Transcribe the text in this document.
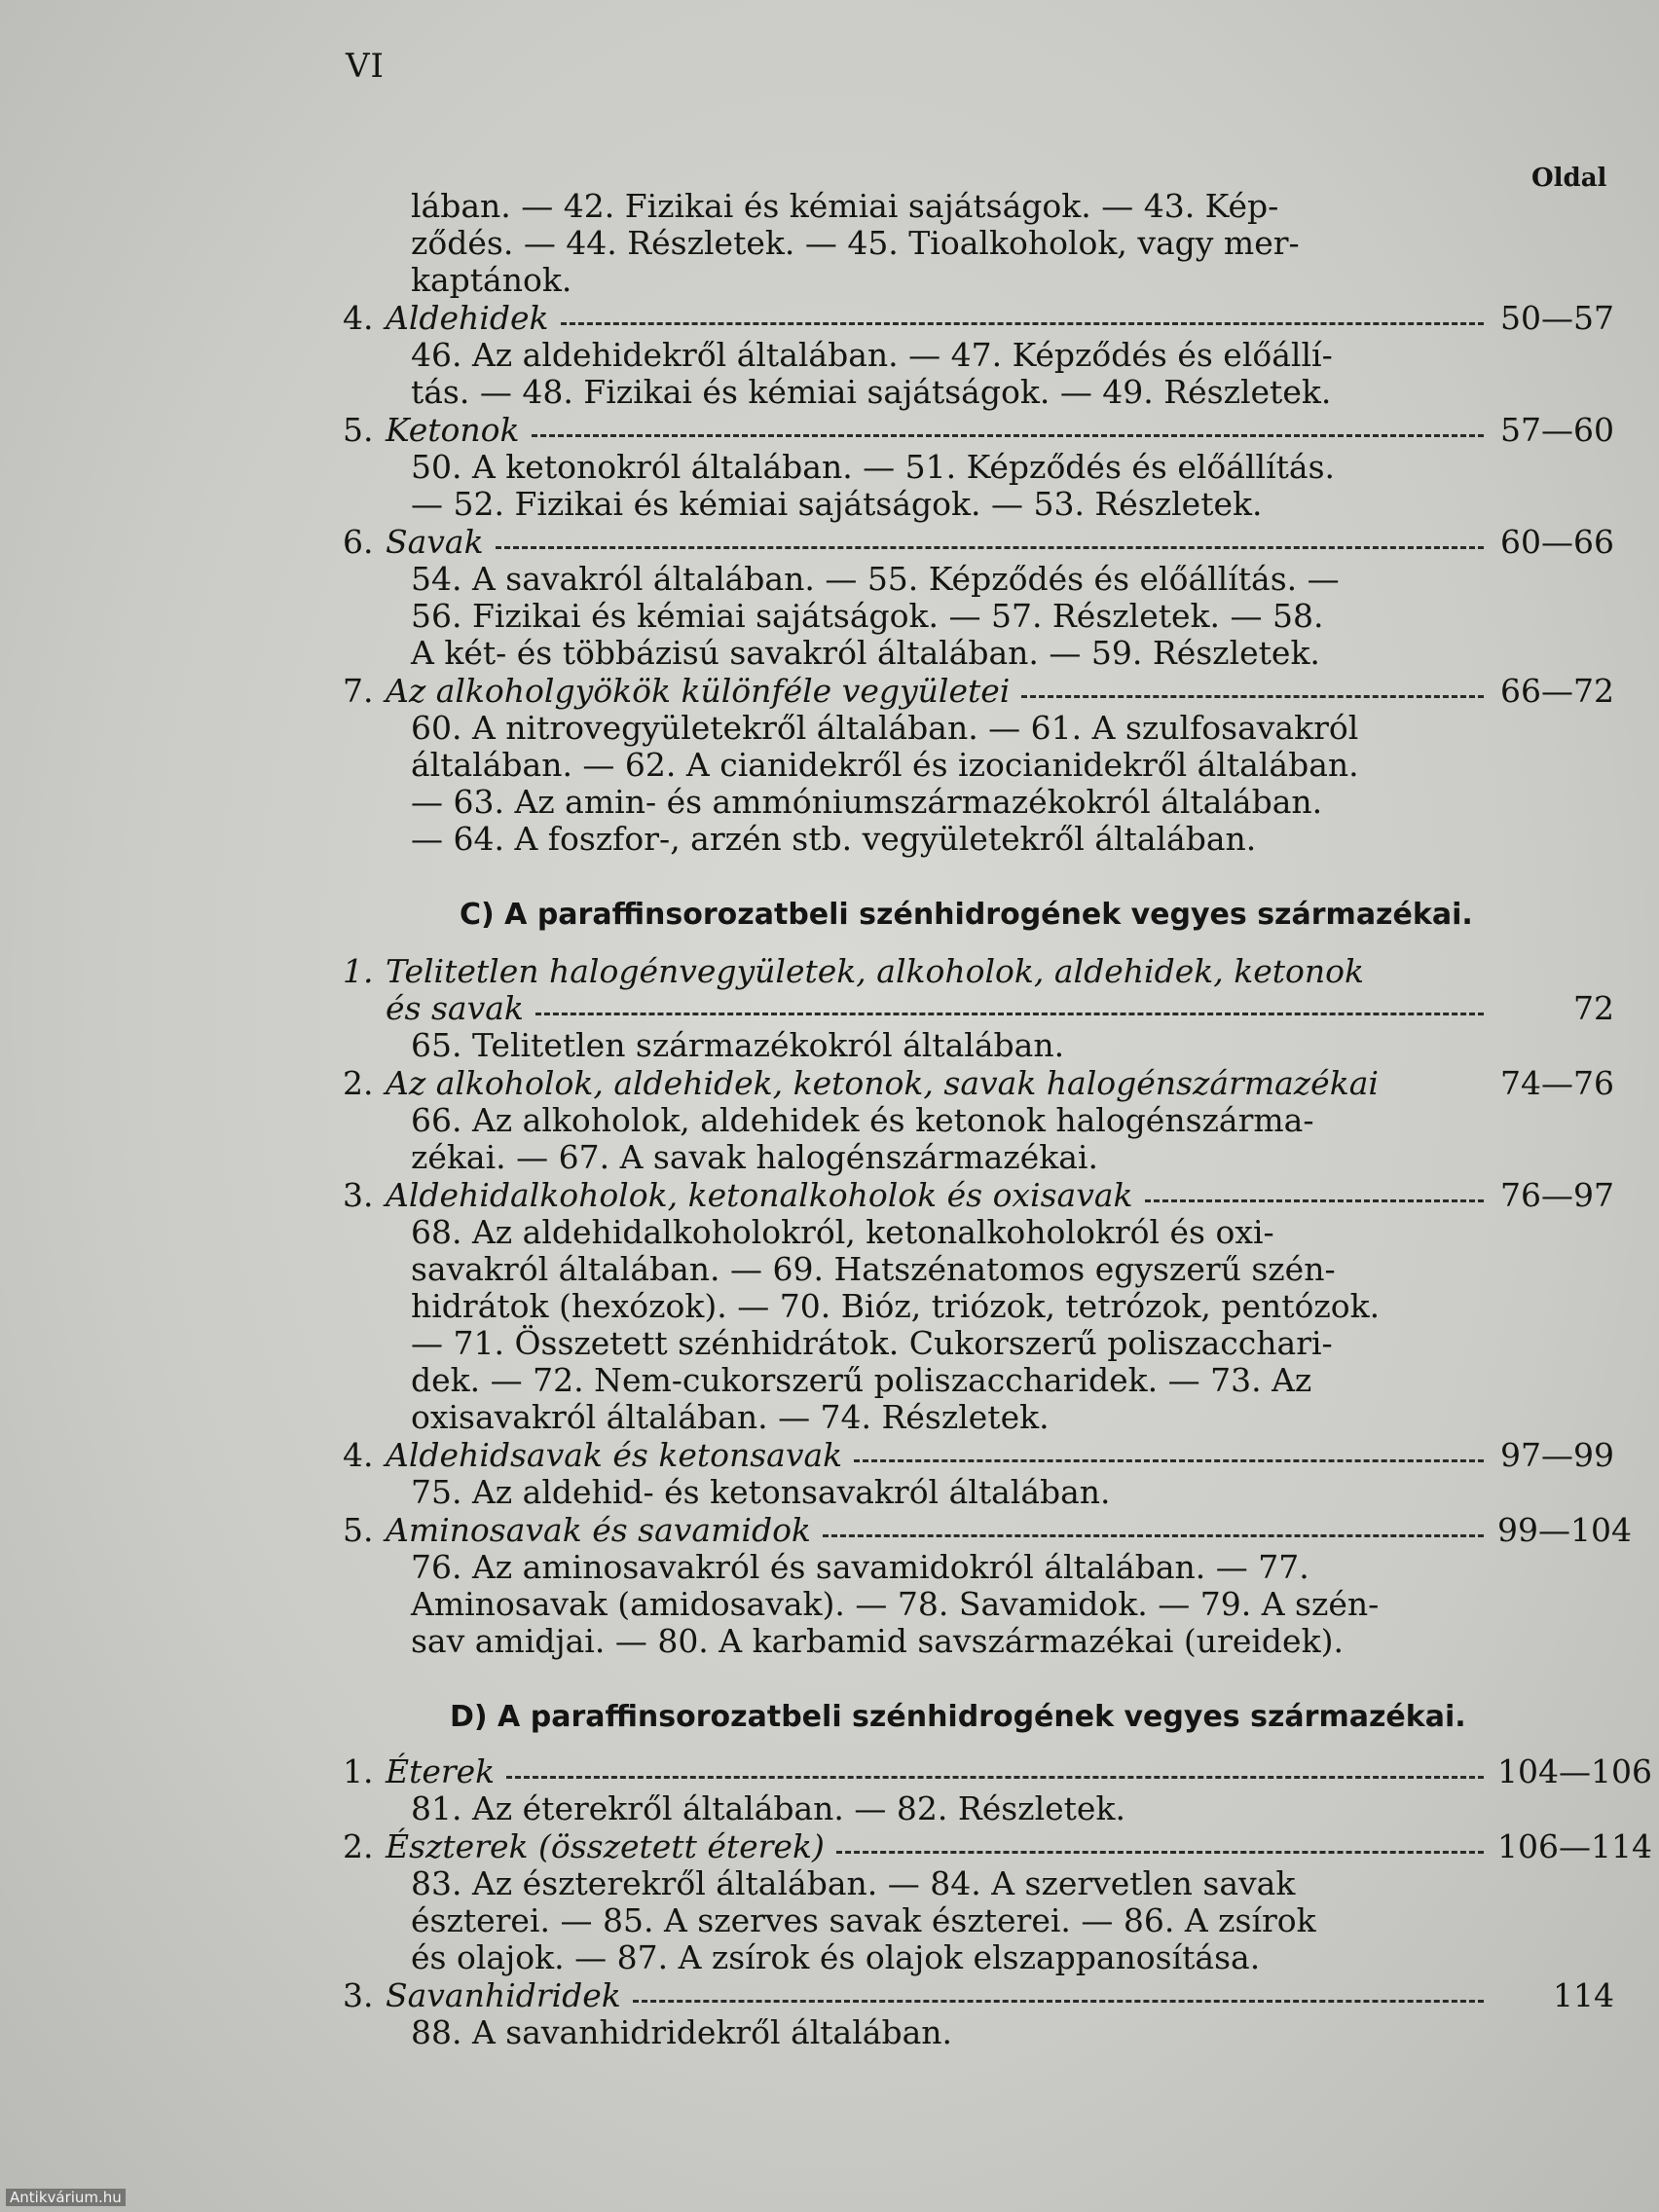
VI
Oldal
lában. — 42. Fizikai és kémiai sajátságok. — 43. Kép-
ződés. — 44. Részletek. — 45. Tioalkoholok, vagy mer-
kaptánok.
4. Aldehidek	50—57
46. Az aldehidekről általában. — 47. Képződés és előállí-
tás. — 48. Fizikai és kémiai sajátságok. — 49. Részletek.
5. Ketonok	57—60
50. A ketonokról általában. — 51. Képződés és előállítás.
— 52. Fizikai és kémiai sajátságok. — 53. Részletek.
6. Savak	60—66
54. A savakról általában. — 55. Képződés és előállítás. —
56. Fizikai és kémiai sajátságok. — 57. Részletek. — 58.
A két- és többázisú savakról általában. — 59. Részletek.
7. Az alkoholgyökök különféle vegyületei	66—72
60. A nitrovegyületekről általában. — 61. A szulfosavakról
általában. — 62. A cianidekről és izocianidekről általában.
— 63. Az amin- és ammóniumszármazékokról általában.
— 64. A foszfor-, arzén stb. vegyületekről általában.
C) A paraffinsorozatbeli szénhidrogének vegyes származékai.
1. Telitetlen halogénvegyületek, alkoholok, aldehidek, ketonok
és savak	72
65. Telitetlen származékokról általában.
2. Az alkoholok, aldehidek, ketonok, savak halogénszármazékai	74—76
66. Az alkoholok, aldehidek és ketonok halogénszárma-
zékai. — 67. A savak halogénszármazékai.
3. Aldehidalkoholok, ketonalkoholok és oxisavak	76—97
68. Az aldehidalkoholokról, ketonalkoholokról és oxi-
savakról általában. — 69. Hatszénatomos egyszerű szén-
hidrátok (hexózok). — 70. Bióz, triózok, tetrózok, pentózok.
— 71. Összetett szénhidrátok. Cukorszerű poliszacchari-
dek. — 72. Nem-cukorszerű poliszaccharidek. — 73. Az
oxisavakról általában. — 74. Részletek.
4. Aldehidsavak és ketonsavak	97—99
75. Az aldehid- és ketonsavakról általában.
5. Aminosavak és savamidok	99—104
76. Az aminosavakról és savamidokról általában. — 77.
Aminosavak (amidosavak). — 78. Savamidok. — 79. A szén-
sav amidjai. — 80. A karbamid savszármazékai (ureidek).
D) A paraffinsorozatbeli szénhidrogének vegyes származékai.
1. Éterek	104—106
81. Az éterekről általában. — 82. Részletek.
2. Észterek (összetett éterek)	106—114
83. Az észterekről általában. — 84. A szervetlen savak
észterei. — 85. A szerves savak észterei. — 86. A zsírok
és olajok. — 87. A zsírok és olajok elszappanosítása.
3. Savanhidridek	114
88. A savanhidridekről általában.
Antikvárium.hu
